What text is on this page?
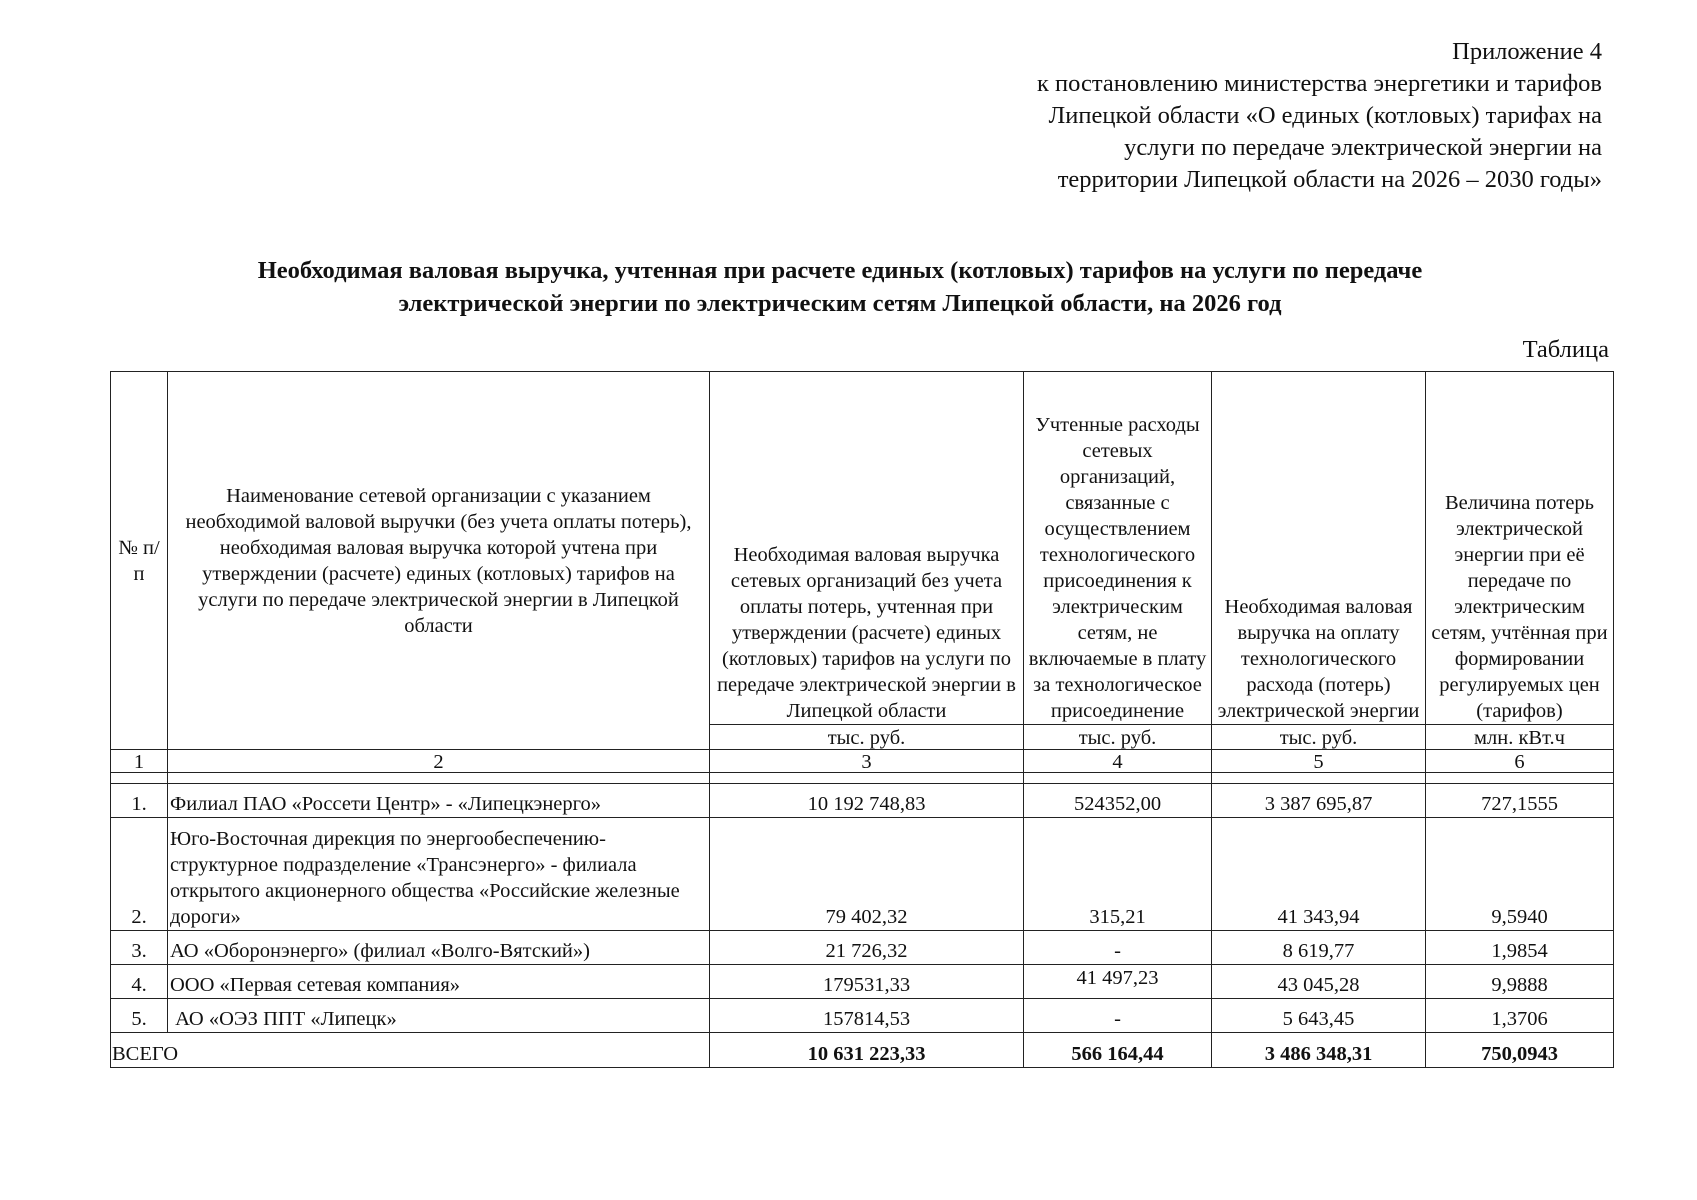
Приложение 4
к постановлению министерства энергетики и тарифов
Липецкой области «О единых (котловых) тарифах на
услуги по передаче электрической энергии на
территории Липецкой области на 2026 – 2030 годы»
Необходимая валовая выручка, учтенная при расчете единых (котловых) тарифов на услуги по передаче
электрической энергии по электрическим сетям Липецкой области, на 2026 год
Таблица
№ п/п	Наименование сетевой организации с указанием необходимой валовой выручки (без учета оплаты потерь), необходимая валовая выручка которой учтена при утверждении (расчете) единых (котловых) тарифов на услуги по передаче электрической энергии в Липецкой области	Необходимая валовая выручка сетевых организаций без учета оплаты потерь, учтенная при утверждении (расчете) единых (котловых) тарифов на услуги по передаче электрической энергии в Липецкой области	Учтенные расходы сетевых организаций, связанные с осуществлением технологического присоединения к электрическим сетям, не включаемые в плату за технологическое присоединение	Необходимая валовая выручка на оплату технологического расхода (потерь) электрической энергии	Величина потерь электрической энергии при её передаче по электрическим сетям, учтённая при формировании регулируемых цен (тарифов)
		тыс. руб.	тыс. руб.	тыс. руб.	млн. кВт.ч
1	2	3	4	5	6

1.	Филиал ПАО «Россети Центр» - «Липецкэнерго»	10 192 748,83	524352,00	3 387 695,87	727,1555
2.	Юго-Восточная дирекция по энергообеспечению-структурное подразделение «Трансэнерго» - филиала открытого акционерного общества «Российские железные дороги»	79 402,32	315,21	41 343,94	9,5940
3.	АО «Оборонэнерго» (филиал «Волго-Вятский»)	21 726,32	-	8 619,77	1,9854
4.	ООО «Первая сетевая компания»	179531,33	41 497,23	43 045,28	9,9888
5.	АО «ОЭЗ ППТ «Липецк»	157814,53	-	5 643,45	1,3706
ВСЕГО		10 631 223,33	566 164,44	3 486 348,31	750,0943
